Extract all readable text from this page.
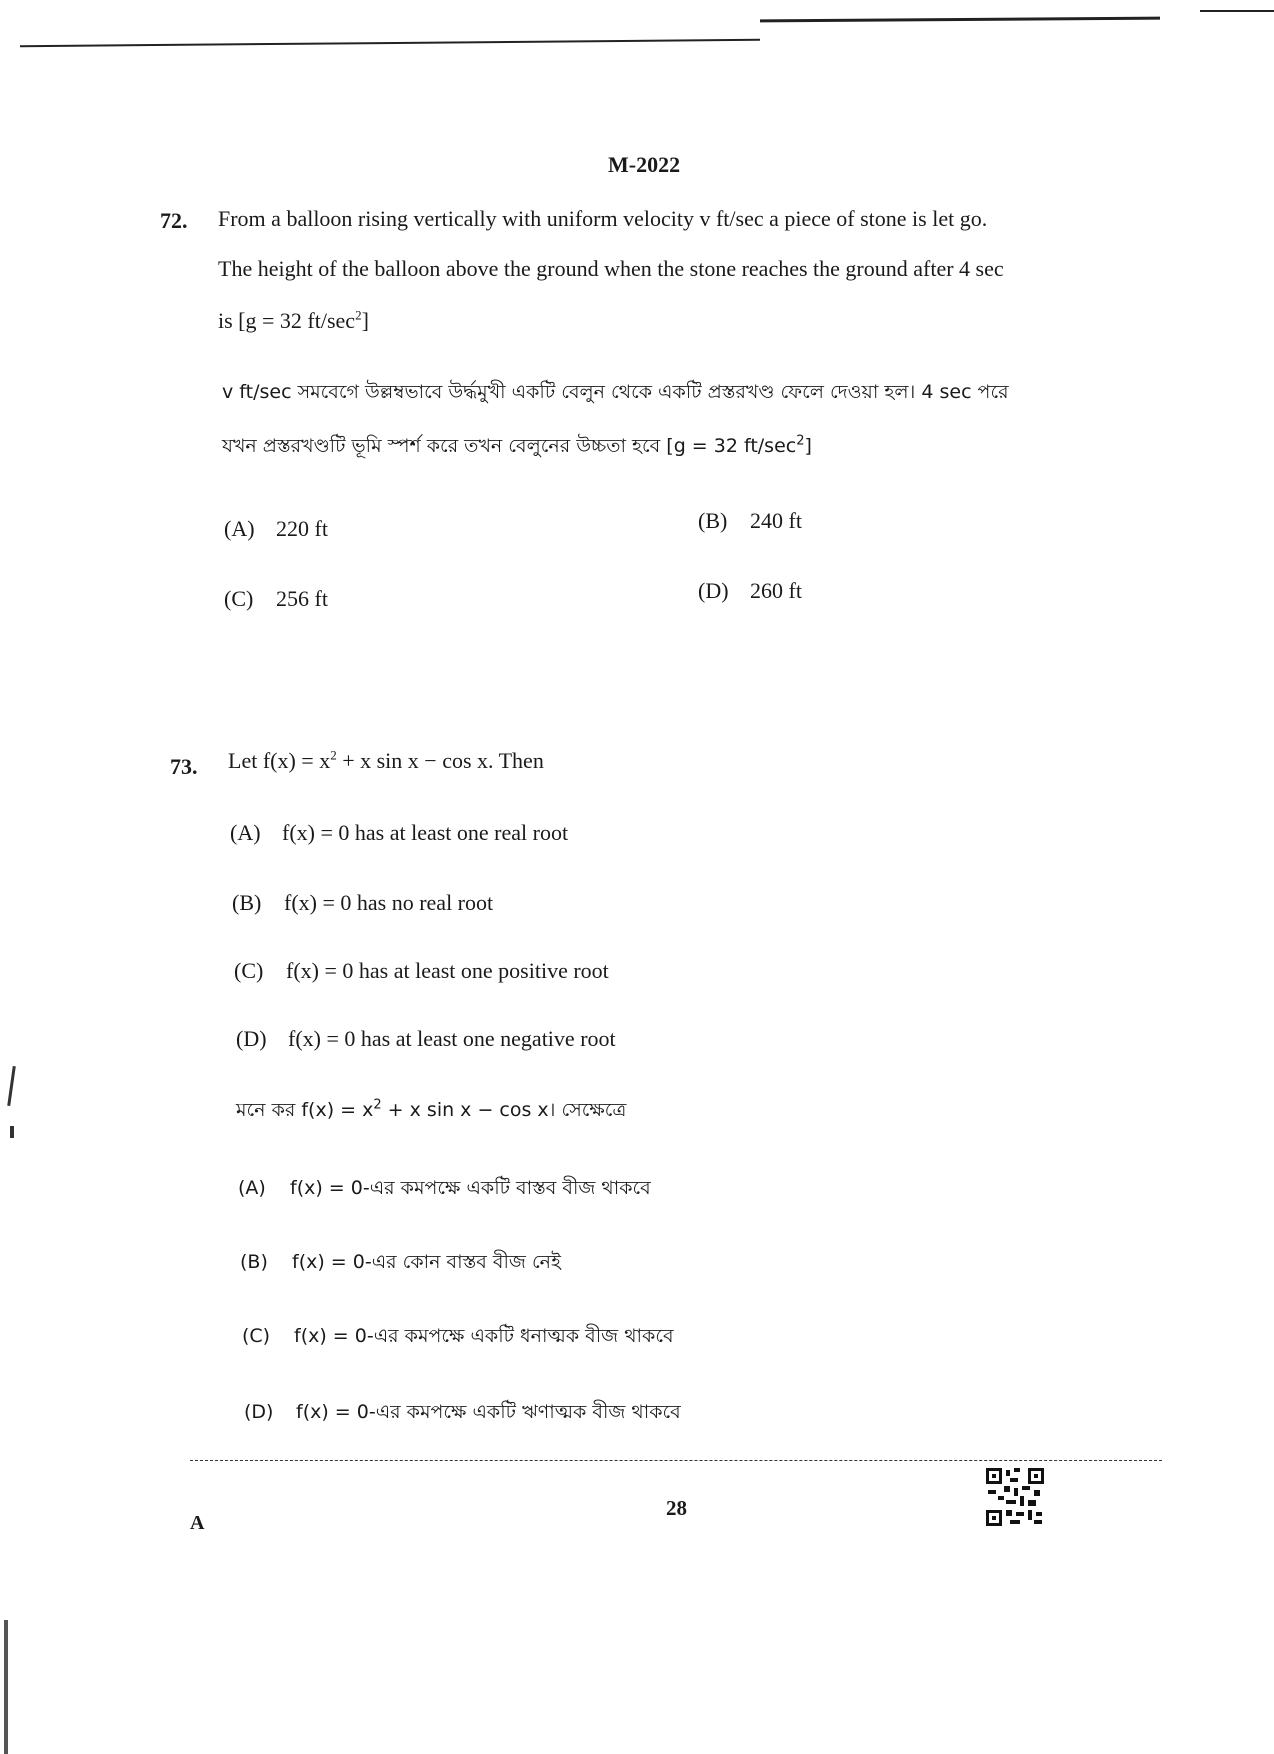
M-2022
72. From a balloon rising vertically with uniform velocity v ft/sec a piece of stone is let go.
The height of the balloon above the ground when the stone reaches the ground after 4 sec
is [g = 32 $ft/\sec^2$]
v ft/sec সমবেগে উল্লম্বভাবে উর্দ্ধমুখী একটি বেলুন থেকে একটি প্রস্তরখণ্ড ফেলে দেওয়া হল। 4 sec পরে
যখন প্রস্তরখণ্ডটি ভূমি স্পর্শ করে তখন বেলুনের উচ্চতা হবে [g = 32 $ft/\sec^2$]
(A) 220 ft	(B) 240 ft
(C) 256 ft	(D) 260 ft
73. Let $f(x) = x^2 + x$ sin x − cos x. Then
(A) f(x) = 0 has at least one real root
(B) f(x) = 0 has no real root
(C) f(x) = 0 has at least one positive root
(D) f(x) = 0 has at least one negative root
মনে কর $f(x) = x^2 + x$ sin x − cos x। সেক্ষেত্রে
(A) f(x) = 0-এর কমপক্ষে একটি বাস্তব বীজ থাকবে
(B) f(x) = 0-এর কোন বাস্তব বীজ নেই
(C) f(x) = 0-এর কমপক্ষে একটি ধনাত্মক বীজ থাকবে
(D) f(x) = 0-এর কমপক্ষে একটি ঋণাত্মক বীজ থাকবে
A
28
